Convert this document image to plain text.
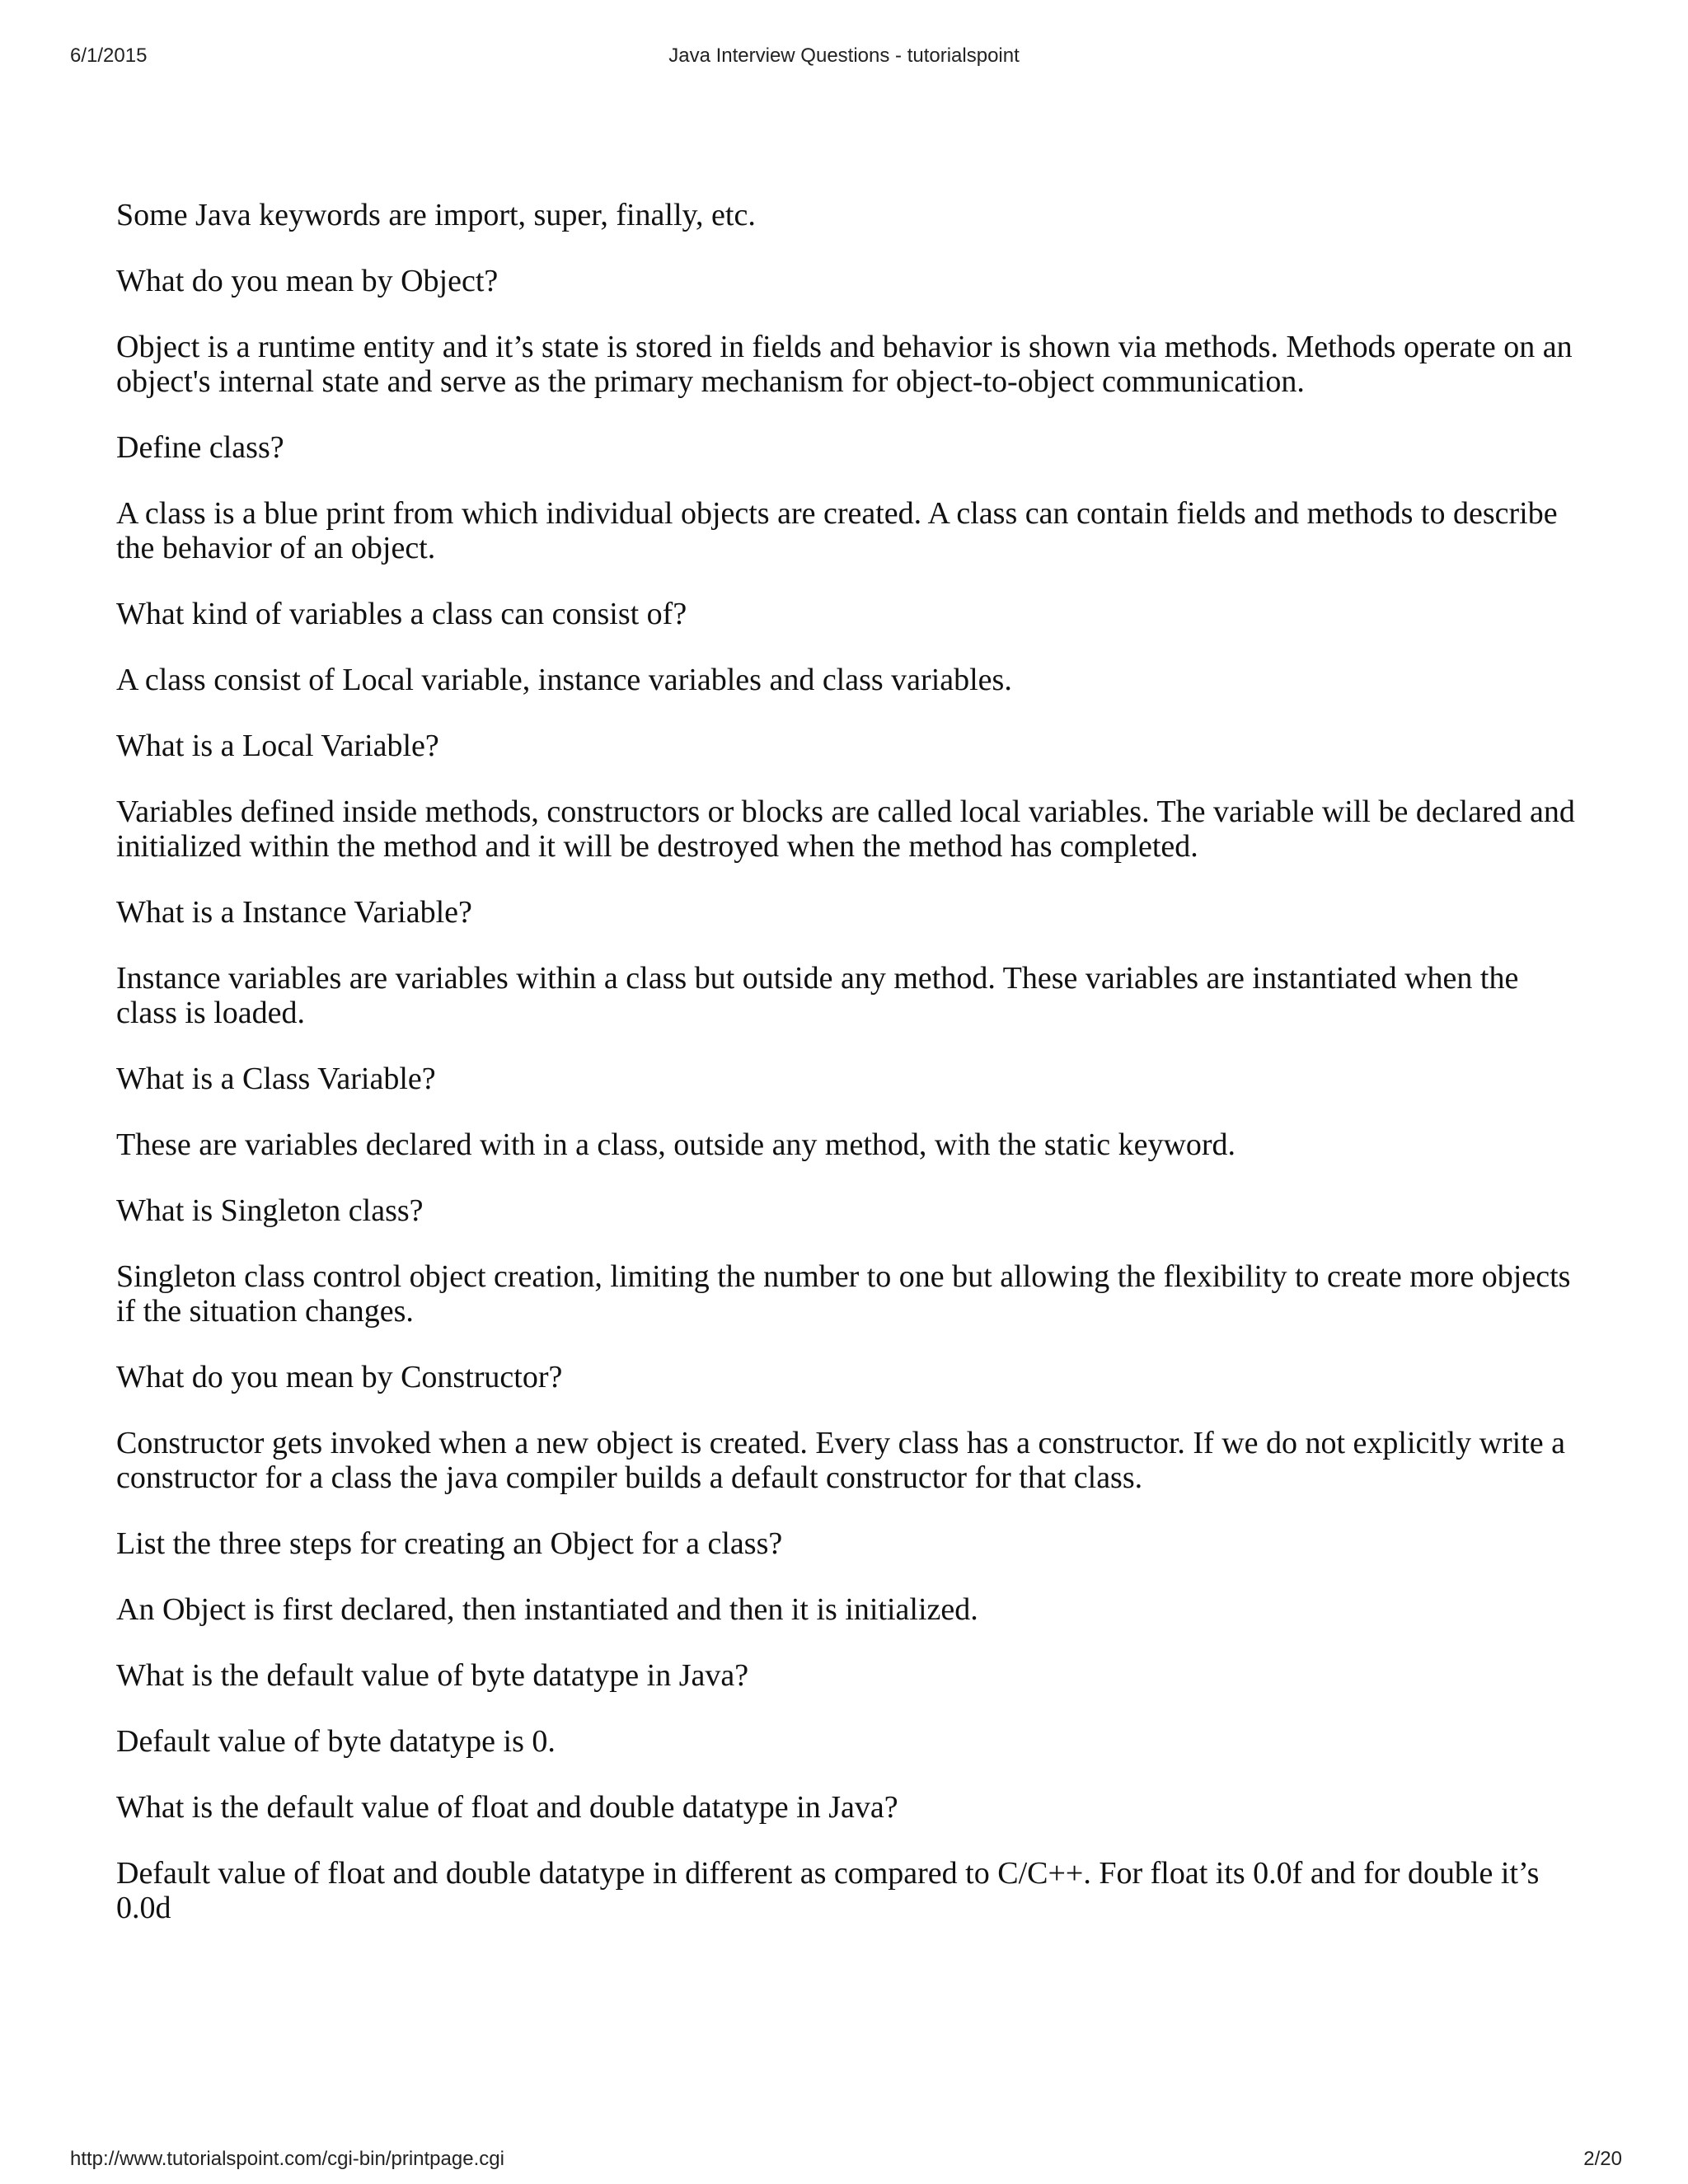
6/1/2015	Java Interview Questions - tutorialspoint

Some Java keywords are import, super, finally, etc.

What do you mean by Object?

Object is a runtime entity and it’s state is stored in fields and behavior is shown via methods. Methods operate on an object's internal state and serve as the primary mechanism for object-to-object communication.

Define class?

A class is a blue print from which individual objects are created. A class can contain fields and methods to describe the behavior of an object.

What kind of variables a class can consist of?

A class consist of Local variable, instance variables and class variables.

What is a Local Variable?

Variables defined inside methods, constructors or blocks are called local variables. The variable will be declared and initialized within the method and it will be destroyed when the method has completed.

What is a Instance Variable?

Instance variables are variables within a class but outside any method. These variables are instantiated when the class is loaded.

What is a Class Variable?

These are variables declared with in a class, outside any method, with the static keyword.

What is Singleton class?

Singleton class control object creation, limiting the number to one but allowing the flexibility to create more objects if the situation changes.

What do you mean by Constructor?

Constructor gets invoked when a new object is created. Every class has a constructor. If we do not explicitly write a constructor for a class the java compiler builds a default constructor for that class.

List the three steps for creating an Object for a class?

An Object is first declared, then instantiated and then it is initialized.

What is the default value of byte datatype in Java?

Default value of byte datatype is 0.

What is the default value of float and double datatype in Java?

Default value of float and double datatype in different as compared to C/C++. For float its 0.0f and for double it’s 0.0d

http://www.tutorialspoint.com/cgi-bin/printpage.cgi	2/20
